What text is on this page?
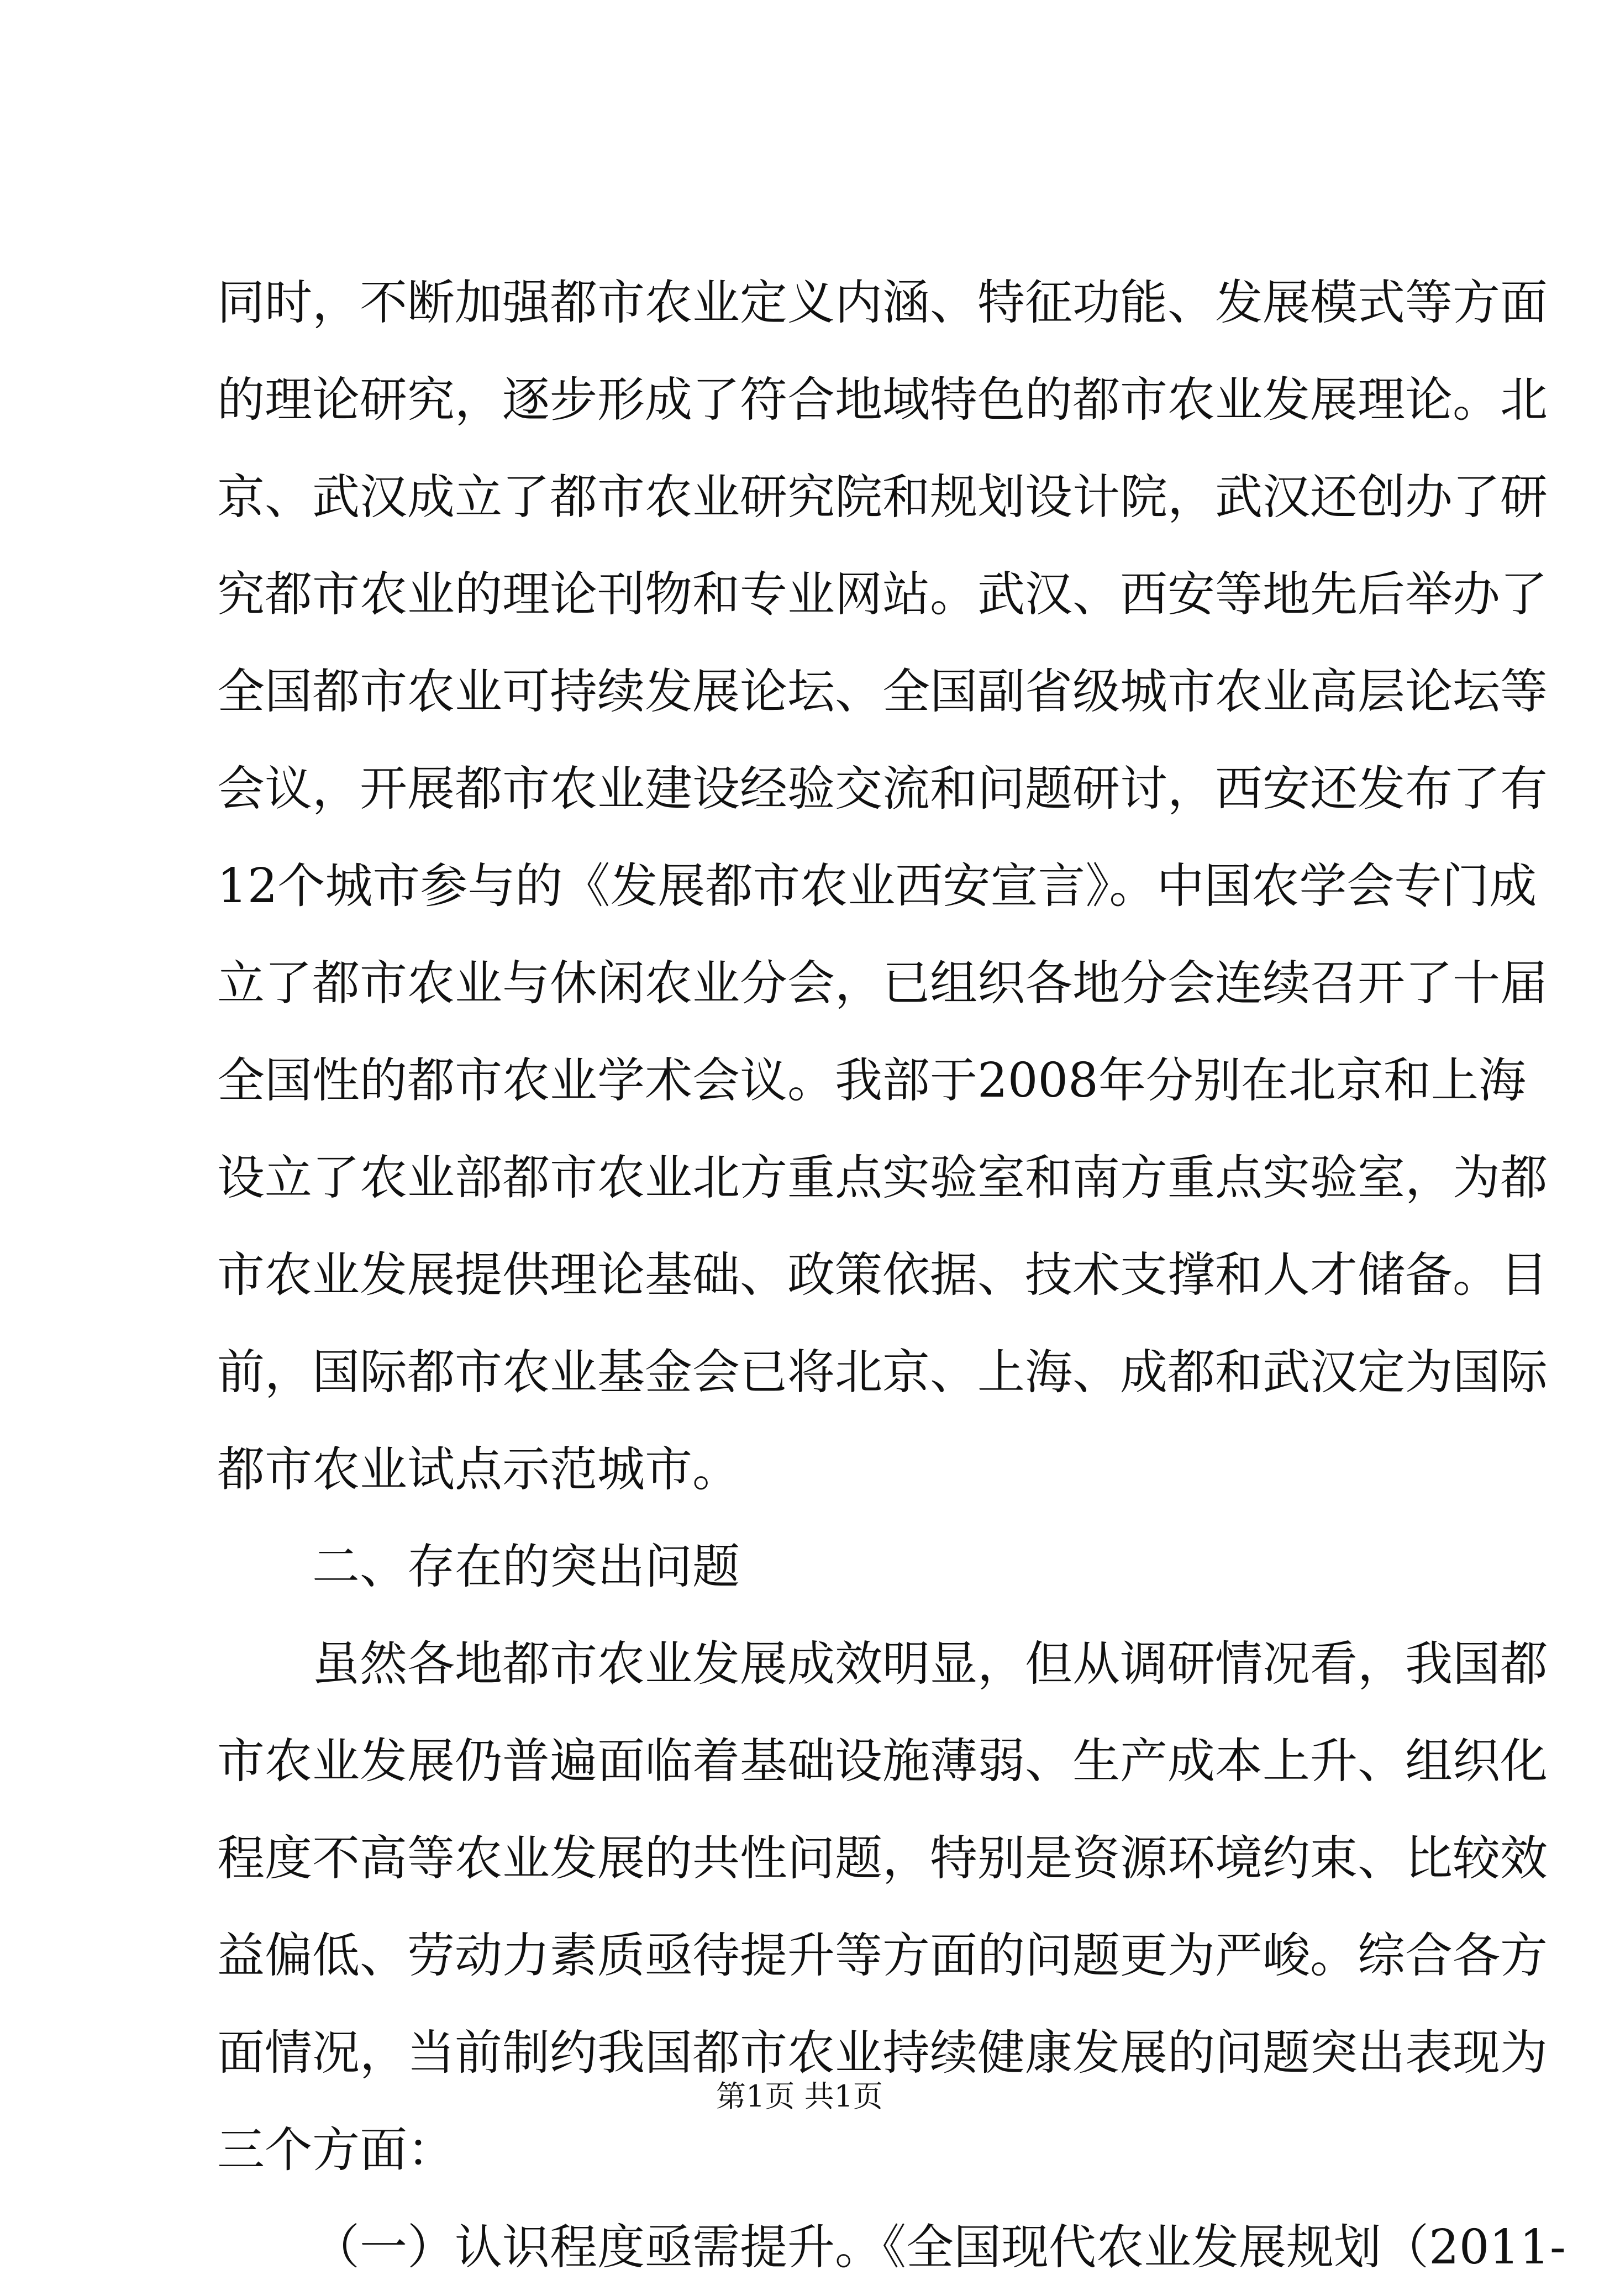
同时，不断加强都市农业定义内涵、特征功能、发展模式等方面
的理论研究，逐步形成了符合地域特色的都市农业发展理论。北
京、武汉成立了都市农业研究院和规划设计院，武汉还创办了研
究都市农业的理论刊物和专业网站。武汉、西安等地先后举办了
全国都市农业可持续发展论坛、全国副省级城市农业高层论坛等
会议，开展都市农业建设经验交流和问题研讨，西安还发布了有
12个城市参与的《发展都市农业西安宣言》。中国农学会专门成
立了都市农业与休闲农业分会，已组织各地分会连续召开了十届
全国性的都市农业学术会议。我部于2008年分别在北京和上海
设立了农业部都市农业北方重点实验室和南方重点实验室，为都
市农业发展提供理论基础、政策依据、技术支撑和人才储备。目
前，国际都市农业基金会已将北京、上海、成都和武汉定为国际
都市农业试点示范城市。
二、存在的突出问题
虽然各地都市农业发展成效明显，但从调研情况看，我国都
市农业发展仍普遍面临着基础设施薄弱、生产成本上升、组织化
程度不高等农业发展的共性问题，特别是资源环境约束、比较效
益偏低、劳动力素质亟待提升等方面的问题更为严峻。综合各方
面情况，当前制约我国都市农业持续健康发展的问题突出表现为
三个方面：
（一）认识程度亟需提升。《全国现代农业发展规划（2011-
第1页 共1页
